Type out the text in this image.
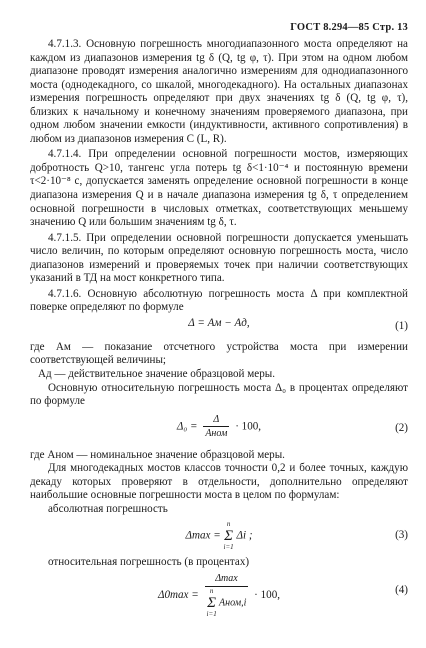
ГОСТ 8.294—85 Стр. 13

4.7.1.3. Основную погрешность многодиапазонного моста определяют на каждом из диапазонов измерения tg δ (Q, tg φ, τ). При этом на одном любом диапазоне проводят измерения аналогично измерениям для однодиапазонного моста (однодекадного, со шкалой, многодекадного). На остальных диапазонах измерения погрешность определяют при двух значениях tg δ (Q, tg φ, τ), близких к начальному и конечному значениям проверяемого диапазона, при одном любом значении емкости (индуктивности, активного сопротивления) в любом из диапазонов измерения C (L, R).

4.7.1.4. При определении основной погрешности мостов, измеряющих добротность Q>10, тангенс угла потерь tg δ<1·10⁻⁴ и постоянную времени τ<2·10⁻⁸ с, допускается заменять определение основной погрешности в конце диапазона измерения Q и в начале диапазона измерения tg δ, τ определением основной погрешности в числовых отметках, соответствующих меньшему значению Q или большим значениям tg δ, τ.

4.7.1.5. При определении основной погрешности допускается уменьшать число величин, по которым определяют основную погрешность моста, число диапазонов измерений и проверяемых точек при наличии соответствующих указаний в ТД на мост конкретного типа.

4.7.1.6. Основную абсолютную погрешность моста Δ при комплектной поверке определяют по формуле

Δ = Aм − Aд,	(1)

где Aм — показание отсчетного устройства моста при измерении соответствующей величины;

Aд — действительное значение образцовой меры.

Основную относительную погрешность моста Δ₀ в процентах определяют по формуле

$\Delta_0 = \frac{\Delta}{\text{Aном}} \cdot 100$,	(2)

где Aном — номинальное значение образцовой меры.

Для многодекадных мостов классов точности 0,2 и более точных, каждую декаду которых проверяют в отдельности, дополнительно определяют наибольшие основные погрешности моста в целом по формулам:

абсолютная погрешность

Δmax =
n
Σ
i=1
Δi ;	(3)

относительная погрешность (в процентах)

Δ0max =
Δmax
n
Σ
i=1
Aном,i
· 100,	(4)
